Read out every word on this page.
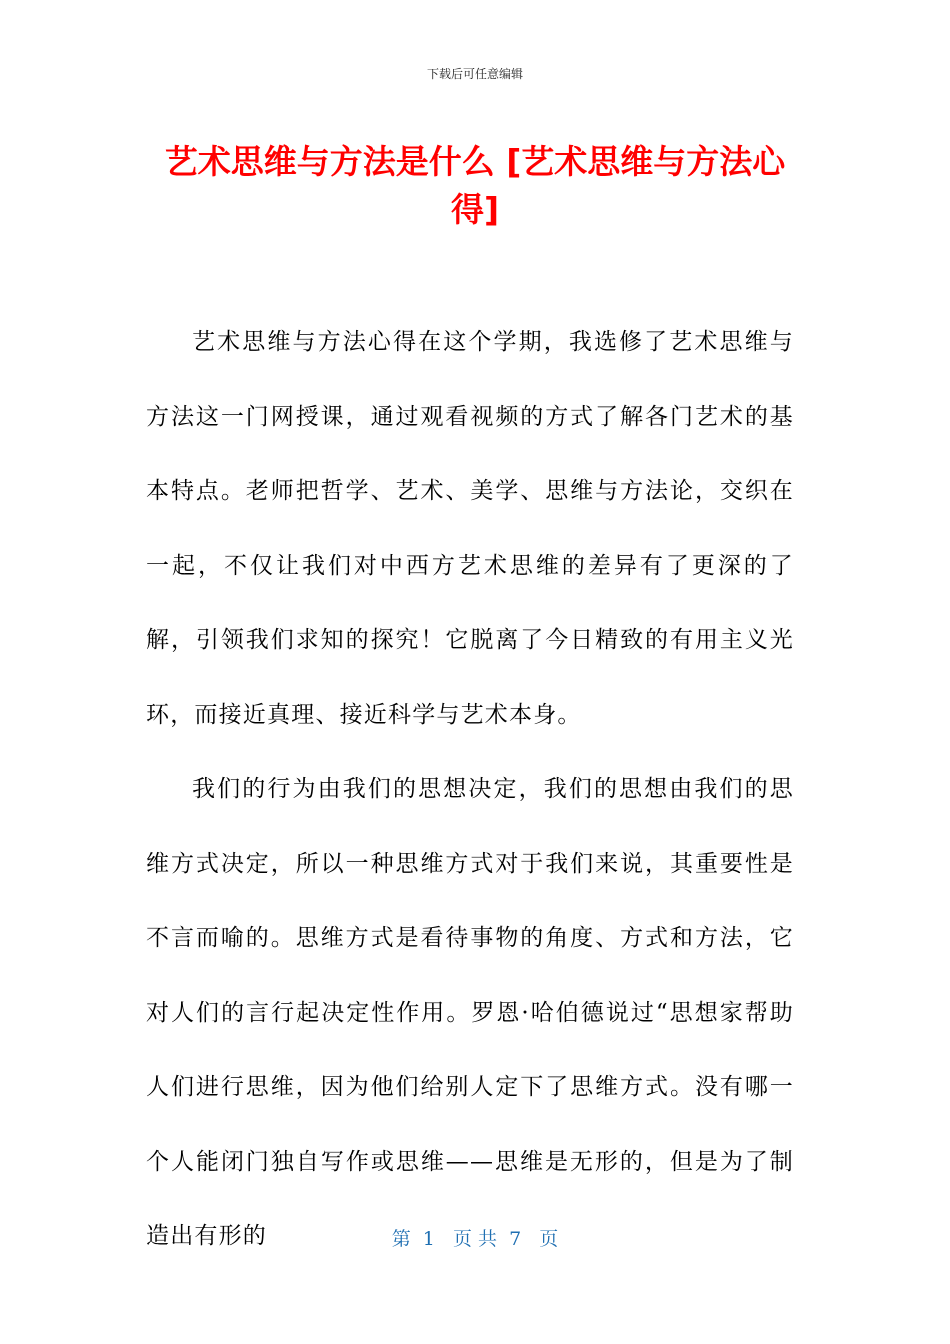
下载后可任意编辑
艺术思维与方法是什么 [艺术思维与方法心得]

艺术思维与方法心得在这个学期，我选修了艺术思维与方法这一门网授课，通过观看视频的方式了解各门艺术的基本特点。老师把哲学、艺术、美学、思维与方法论，交织在一起，不仅让我们对中西方艺术思维的差异有了更深的了解，引领我们求知的探究！它脱离了今日精致的有用主义光环，而接近真理、接近科学与艺术本身。

我们的行为由我们的思想决定，我们的思想由我们的思维方式决定，所以一种思维方式对于我们来说，其重要性是不言而喻的。思维方式是看待事物的角度、方式和方法，它对人们的言行起决定性作用。罗恩·哈伯德说过“思想家帮助人们进行思维，因为他们给别人定下了思维方式。没有哪一个人能闭门独自写作或思维——思维是无形的，但是为了制造出有形的	第  1   页 共  7   页
